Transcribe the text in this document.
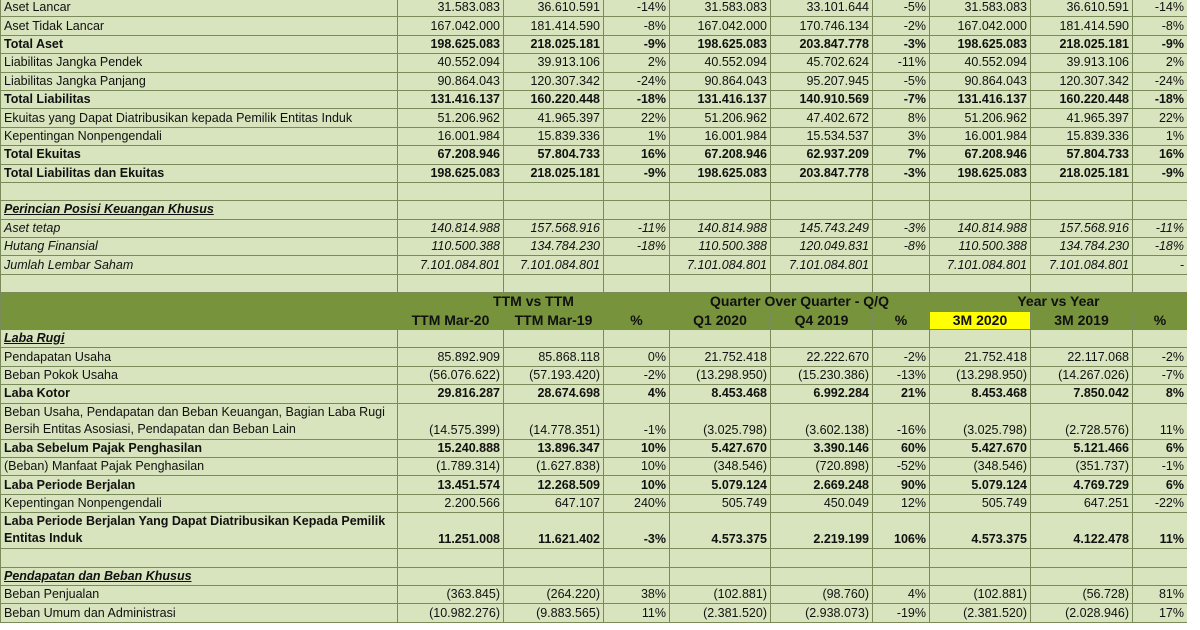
Aset Lancar	31.583.083	36.610.591	-14%	31.583.083	33.101.644	-5%	31.583.083	36.610.591	-14%
Aset Tidak Lancar	167.042.000	181.414.590	-8%	167.042.000	170.746.134	-2%	167.042.000	181.414.590	-8%
Total Aset	198.625.083	218.025.181	-9%	198.625.083	203.847.778	-3%	198.625.083	218.025.181	-9%
Liabilitas Jangka Pendek	40.552.094	39.913.106	2%	40.552.094	45.702.624	-11%	40.552.094	39.913.106	2%
Liabilitas Jangka Panjang	90.864.043	120.307.342	-24%	90.864.043	95.207.945	-5%	90.864.043	120.307.342	-24%
Total Liabilitas	131.416.137	160.220.448	-18%	131.416.137	140.910.569	-7%	131.416.137	160.220.448	-18%
Ekuitas yang Dapat Diatribusikan kepada Pemilik Entitas Induk	51.206.962	41.965.397	22%	51.206.962	47.402.672	8%	51.206.962	41.965.397	22%
Kepentingan Nonpengendali	16.001.984	15.839.336	1%	16.001.984	15.534.537	3%	16.001.984	15.839.336	1%
Total Ekuitas	67.208.946	57.804.733	16%	67.208.946	62.937.209	7%	67.208.946	57.804.733	16%
Total Liabilitas dan Ekuitas	198.625.083	218.025.181	-9%	198.625.083	203.847.778	-3%	198.625.083	218.025.181	-9%

Perincian Posisi Keuangan Khusus									
Aset tetap	140.814.988	157.568.916	-11%	140.814.988	145.743.249	-3%	140.814.988	157.568.916	-11%
Hutang Finansial	110.500.388	134.784.230	-18%	110.500.388	120.049.831	-8%	110.500.388	134.784.230	-18%
Jumlah Lembar Saham	7.101.084.801	7.101.084.801		7.101.084.801	7.101.084.801		7.101.084.801	7.101.084.801	-

	TTM vs TTM			Quarter Over Quarter - Q/Q			Year vs Year		
	TTM Mar-20	TTM Mar-19	%	Q1 2020	Q4 2019	%	3M 2020	3M 2019	%
Laba Rugi									
Pendapatan Usaha	85.892.909	85.868.118	0%	21.752.418	22.222.670	-2%	21.752.418	22.117.068	-2%
Beban Pokok Usaha	(56.076.622)	(57.193.420)	-2%	(13.298.950)	(15.230.386)	-13%	(13.298.950)	(14.267.026)	-7%
Laba Kotor	29.816.287	28.674.698	4%	8.453.468	6.992.284	21%	8.453.468	7.850.042	8%
Beban Usaha, Pendapatan dan Beban Keuangan, Bagian Laba Rugi Bersih Entitas Asosiasi, Pendapatan dan Beban Lain	(14.575.399)	(14.778.351)	-1%	(3.025.798)	(3.602.138)	-16%	(3.025.798)	(2.728.576)	11%
Laba Sebelum Pajak Penghasilan	15.240.888	13.896.347	10%	5.427.670	3.390.146	60%	5.427.670	5.121.466	6%
(Beban) Manfaat Pajak Penghasilan	(1.789.314)	(1.627.838)	10%	(348.546)	(720.898)	-52%	(348.546)	(351.737)	-1%
Laba Periode Berjalan	13.451.574	12.268.509	10%	5.079.124	2.669.248	90%	5.079.124	4.769.729	6%
Kepentingan Nonpengendali	2.200.566	647.107	240%	505.749	450.049	12%	505.749	647.251	-22%
Laba Periode Berjalan Yang Dapat Diatribusikan Kepada Pemilik Entitas Induk	11.251.008	11.621.402	-3%	4.573.375	2.219.199	106%	4.573.375	4.122.478	11%

Pendapatan dan Beban Khusus									
Beban Penjualan	(363.845)	(264.220)	38%	(102.881)	(98.760)	4%	(102.881)	(56.728)	81%
Beban Umum dan Administrasi	(10.982.276)	(9.883.565)	11%	(2.381.520)	(2.938.073)	-19%	(2.381.520)	(2.028.946)	17%
